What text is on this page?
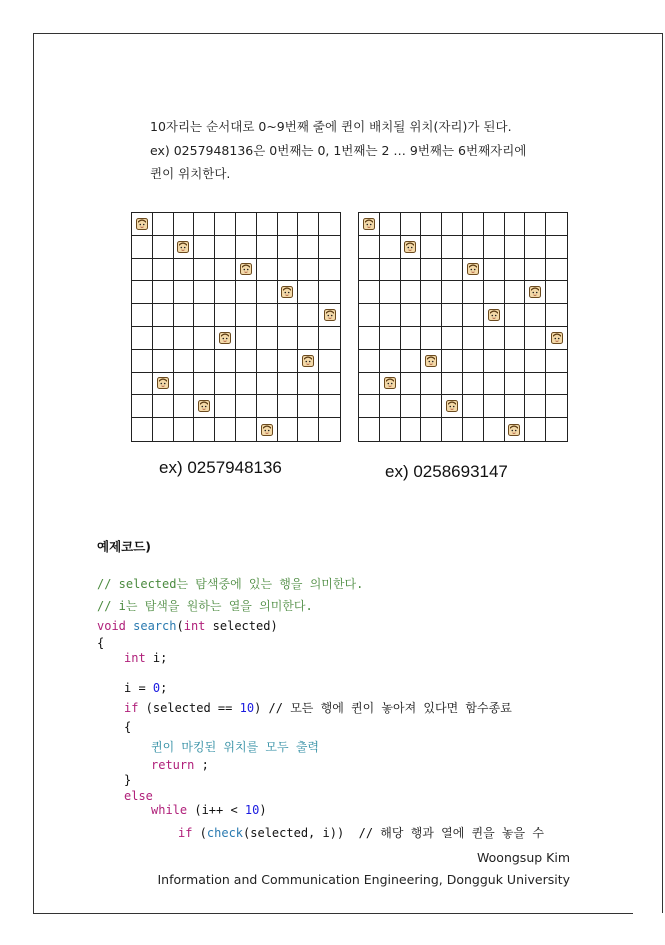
10자리는 순서대로 0~9번째 줄에 퀸이 배치될 위치(자리)가 된다.
ex) 0257948136은 0번째는 0, 1번째는 2 … 9번째는 6번째자리에
퀸이 위치한다.
ex) 0257948136	ex) 0258693147
예제코드)
// selected는 탐색중에 있는 행을 의미한다.
// i는 탐색을 원하는 열을 의미한다.
void search(int selected)
{
int i;
i = 0;
if (selected == 10) // 모든 행에 퀸이 놓아져 있다면 함수종료
{
퀸이 마킹된 위치를 모두 출력
return ;
}
else
while (i++ < 10)
if (check(selected, i))  // 해당 행과 열에 퀸을 놓을 수
Woongsup Kim
Information and Communication Engineering, Dongguk University
